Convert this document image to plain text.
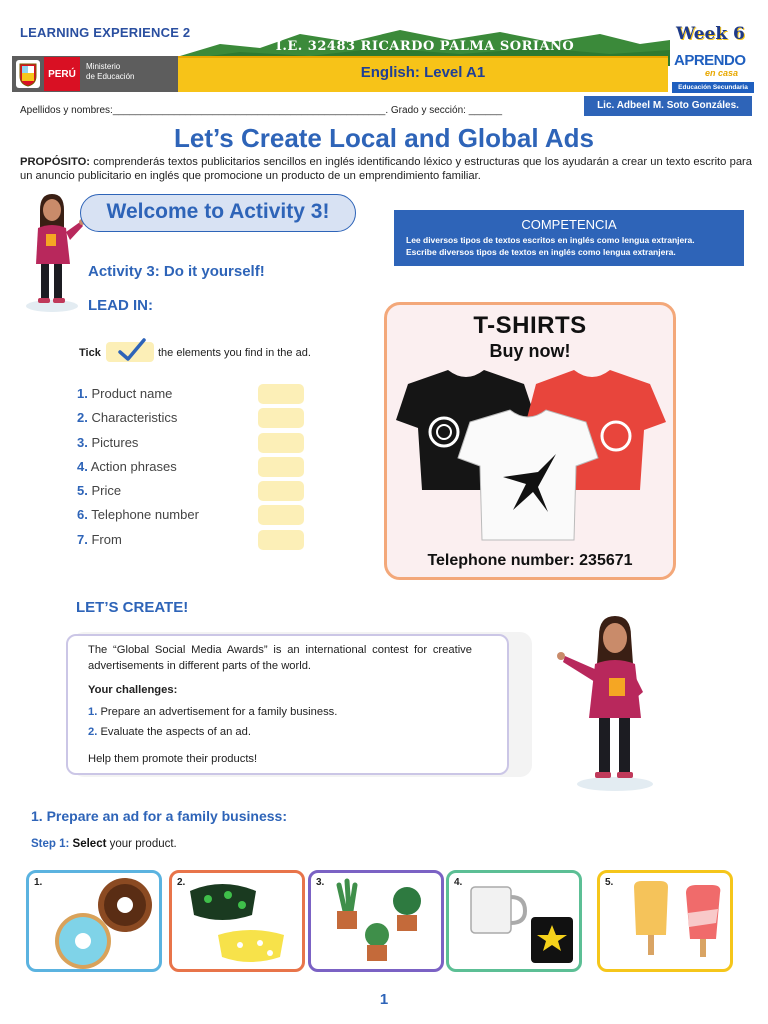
LEARNING EXPERIENCE 2
I.E. 32483 RICARDO PALMA SORIANO
PERÚ
Ministerio
de Educación	English: Level A1
Week 6
APRENDO
en casa
Educación Secundaria
Apellidos y nombres:_________________________________________________. Grado y sección: ______	Lic. Adbeel M. Soto Gonzáles.
Let’s Create Local and Global Ads
PROPÓSITO: comprenderás textos publicitarios sencillos en inglés identificando léxico y estructuras que los ayudarán a crear un texto escrito para un anuncio publicitario en inglés que promocione un producto de un emprendimiento familiar.
Welcome to Activity 3!
COMPETENCIA
Lee diversos tipos de textos escritos en inglés como lengua extranjera.
Escribe diversos tipos de textos en inglés como lengua extranjera.
Activity 3: Do it yourself!
LEAD IN:
Tick	the elements you find in the ad.
1. Product name
2. Characteristics
3. Pictures
4. Action phrases
5. Price
6. Telephone number
7. From
T-SHIRTS
Buy now!
Telephone number: 235671
LET’S CREATE!
The “Global Social Media Awards” is an international contest for creative advertisements in different parts of the world.
Your challenges:
1. Prepare an advertisement for a family business.
2. Evaluate the aspects of an ad.
Help them promote their products!
1. Prepare an ad for a family business:
Step 1: Select your product.
1.	2.	3.	4.	5.
1
